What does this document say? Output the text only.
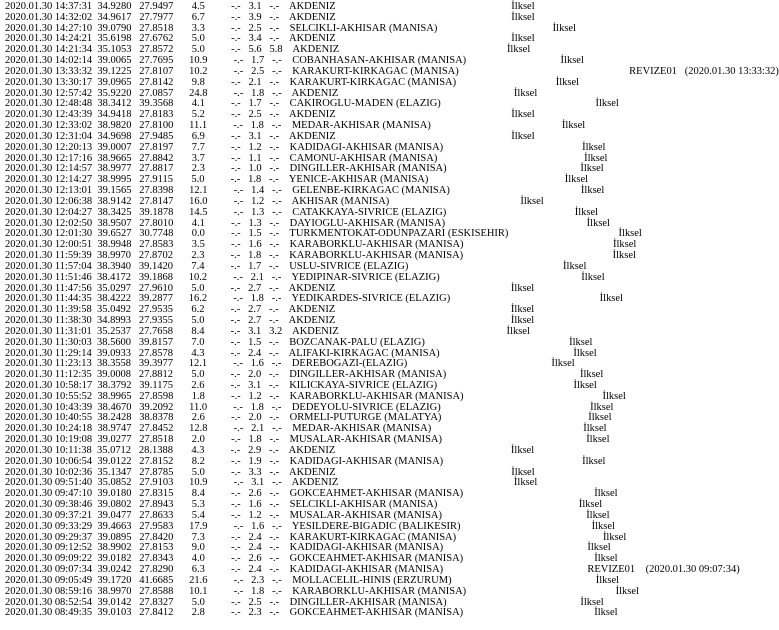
2020.01.30 14:37:31  34.9280   27.9497       4.5          -.-   3.1   -.-    AKDENIZ                                                                   İlksel
2020.01.30 14:32:02  34.9617   27.7977       6.7          -.-   3.9   -.-    AKDENIZ                                                                   İlksel
2020.01.30 14:27:10  39.0790   27.8518       3.3          -.-   2.5   -.-    SELCIKLI-AKHISAR (MANISA)                                            İlksel
2020.01.30 14:24:21  35.6198   27.6762       5.0          -.-   3.4   -.-    AKDENIZ                                                                   İlksel
2020.01.30 14:21:34  35.1053   27.8572       5.0          -.-   5.6   5.8    AKDENIZ                                                                İlksel
2020.01.30 14:02:14  39.0065   27.7695      10.9          -.-   1.7   -.-    COBANHASAN-AKHISAR (MANISA)                                    İlksel
2020.01.30 13:33:32  39.1225   27.8107      10.2          -.-   2.5   -.-    KARAKURT-KIRKAGAC (MANISA)                                                                 REVIZE01   (2020.01.30 13:33:32)
2020.01.30 13:30:17  39.0965   27.8142       9.8          -.-   2.1   -.-    KARAKURT-KIRKAGAC (MANISA)                                      İlksel
2020.01.30 12:57:42  35.9220   27.0857      24.8          -.-   1.8   -.-    AKDENIZ                                                                   İlksel
2020.01.30 12:48:48  38.3412   39.3568       4.1          -.-   1.7   -.-    CAKIROGLU-MADEN (ELAZIG)                                                           İlksel
2020.01.30 12:43:39  34.9418   27.8183       5.2          -.-   2.5   -.-    AKDENIZ                                                                   İlksel
2020.01.30 12:33:02  38.9820   27.8100      11.1          -.-   1.8   -.-    MEDAR-AKHISAR (MANISA)                                                  İlksel
2020.01.30 12:31:04  34.9698   27.9485       6.9          -.-   3.1   -.-    AKDENIZ                                                                   İlksel
2020.01.30 12:20:13  39.0007   27.8197       7.7          -.-   1.2   -.-    KADIDAGI-AKHISAR (MANISA)                                                     İlksel
2020.01.30 12:17:16  38.9665   27.8842       3.7          -.-   1.1   -.-    CAMONU-AKHISAR (MANISA)                                                        İlksel
2020.01.30 12:14:57  38.9977   27.8817       2.3          -.-   1.0   -.-    DINGILLER-AKHISAR (MANISA)                                                   İlksel
2020.01.30 12:14:27  38.9995   27.9115       5.0          -.-   1.8   -.-    YENICE-AKHISAR (MANISA)                                                    İlksel
2020.01.30 12:13:01  39.1565   27.8398      12.1          -.-   1.4   -.-    GELENBE-KIRKAGAC (MANISA)                                                  İlksel
2020.01.30 12:06:38  38.9142   27.8147      16.0          -.-   1.2   -.-    AKHISAR (MANISA)                                                  İlksel
2020.01.30 12:04:27  38.3425   39.1878      14.5          -.-   1.3   -.-    CATAKKAYA-SIVRICE (ELAZIG)                                                 İlksel
2020.01.30 12:02:50  38.9507   27.8010       4.1          -.-   1.3   -.-    DAYIOGLU-AKHISAR (MANISA)                                                      İlksel
2020.01.30 12:01:30  39.6527   30.7748       0.0          -.-   1.5   -.-    TURKMENTOKAT-ODUNPAZARI (ESKISEHIR)                                          İlksel
2020.01.30 12:00:51  38.9948   27.8583       3.5          -.-   1.6   -.-    KARABORKLU-AKHISAR (MANISA)                                                         İlksel
2020.01.30 11:59:39  38.9970   27.8702       2.3          -.-   1.8   -.-    KARABORKLU-AKHISAR (MANISA)                                                         İlksel
2020.01.30 11:57:04  38.3940   39.1420       7.4          -.-   1.7   -.-    USLU-SIVRICE (ELAZIG)                                                           İlksel
2020.01.30 11:51:46  38.4172   39.1868      10.2          -.-   2.1   -.-    YEDIPINAR-SIVRICE (ELAZIG)                                                      İlksel
2020.01.30 11:47:56  35.0297   27.9610       5.0          -.-   2.7   -.-    AKDENIZ                                                                   İlksel
2020.01.30 11:44:35  38.4222   39.2877      16.2          -.-   1.8   -.-    YEDIKARDES-SIVRICE (ELAZIG)                                                         İlksel
2020.01.30 11:39:58  35.0492   27.9535       6.2          -.-   2.7   -.-    AKDENIZ                                                                   İlksel
2020.01.30 11:38:30  34.8993   27.9355       5.0          -.-   2.7   -.-    AKDENIZ                                                                   İlksel
2020.01.30 11:31:01  35.2537   27.7658       8.4          -.-   3.1   3.2    AKDENIZ                                                                İlksel
2020.01.30 11:30:03  38.5600   39.8157       7.0          -.-   1.5   -.-    BOZCANAK-PALU (ELAZIG)                                                       İlksel
2020.01.30 11:29:14  39.0933   27.8578       4.3          -.-   2.4   -.-    ALIFAKI-KIRKAGAC (MANISA)                                                   İlksel
2020.01.30 11:23:13  38.3558   39.3977      12.1          -.-   1.6   -.-    DEREBOGAZI-(ELAZIG)                                                       İlksel
2020.01.30 11:12:35  39.0008   27.8812       5.0          -.-   2.0   -.-    DINGILLER-AKHISAR (MANISA)                                                   İlksel
2020.01.30 10:58:17  38.3792   39.1175       2.6          -.-   3.1   -.-    KILICKAYA-SIVRICE (ELAZIG)                                                    İlksel
2020.01.30 10:55:52  38.9965   27.8598       1.8          -.-   1.2   -.-    KARABORKLU-AKHISAR (MANISA)                                                     İlksel
2020.01.30 10:43:39  38.4670   39.2092      11.0          -.-   1.8   -.-    DEDEYOLU-SIVRICE (ELAZIG)                                                         İlksel
2020.01.30 10:40:55  38.2428   38.8378       2.6          -.-   2.0   -.-    ORMELI-PUTURGE (MALATYA)                                                        İlksel
2020.01.30 10:24:18  38.9747   27.8452      12.8          -.-   2.1   -.-    MEDAR-AKHISAR (MANISA)                                                          İlksel
2020.01.30 10:19:08  39.0277   27.8518       2.0          -.-   1.8   -.-    MUSALAR-AKHISAR (MANISA)                                                       İlksel
2020.01.30 10:11:38  35.0712   28.1388       4.3          -.-   2.9   -.-    AKDENIZ                                                                   İlksel
2020.01.30 10:06:54  39.0122   27.8152       8.2          -.-   1.9   -.-    KADIDAGI-AKHISAR (MANISA)                                                     İlksel
2020.01.30 10:02:36  35.1347   27.8785       5.0          -.-   3.3   -.-    AKDENIZ                                                                   İlksel
2020.01.30 09:51:40  35.0852   27.9103      10.9          -.-   3.1   -.-    AKDENIZ                                                                   İlksel
2020.01.30 09:47:10  39.0180   27.8315       8.4          -.-   2.6   -.-    GOKCEAHMET-AKHISAR (MANISA)                                                  İlksel
2020.01.30 09:38:46  39.0802   27.8943       5.3          -.-   1.6   -.-    SELCIKLI-AKHISAR (MANISA)                                                      İlksel
2020.01.30 09:37:21  39.0477   27.8633       5.4          -.-   1.2   -.-    MUSALAR-AKHISAR (MANISA)                                                       İlksel
2020.01.30 09:33:29  39.4663   27.9583      17.9          -.-   1.6   -.-    YESILDERE-BIGADIC (BALIKESIR)                                                  İlksel
2020.01.30 09:29:37  39.0895   27.8420       7.3          -.-   2.4   -.-    KARAKURT-KIRKAGAC (MANISA)                                                        İlksel
2020.01.30 09:12:52  38.9902   27.8153       9.0          -.-   2.4   -.-    KADIDAGI-AKHISAR (MANISA)                                                       İlksel
2020.01.30 09:09:22  39.0182   27.8343       4.0          -.-   2.6   -.-    GOKCEAHMET-AKHISAR (MANISA)                                                  İlksel
2020.01.30 09:07:34  39.0242   27.8290       6.3          -.-   2.4   -.-    KADIDAGI-AKHISAR (MANISA)                                                       REVIZE01    (2020.01.30 09:07:34)
2020.01.30 09:05:49  39.1720   41.6685      21.6          -.-   2.3   -.-    MOLLACELIL-HINIS (ERZURUM)                                                       İlksel
2020.01.30 08:59:16  38.9970   27.8588      10.1          -.-   1.8   -.-    KARABORKLU-AKHISAR (MANISA)                                                         İlksel
2020.01.30 08:52:54  39.0142   27.8327       5.0          -.-   2.5   -.-    DINGILLER-AKHISAR (MANISA)                                                   İlksel
2020.01.30 08:49:35  39.0103   27.8412       2.8          -.-   2.3   -.-    GOKCEAHMET-AKHISAR (MANISA)                                                  İlksel
